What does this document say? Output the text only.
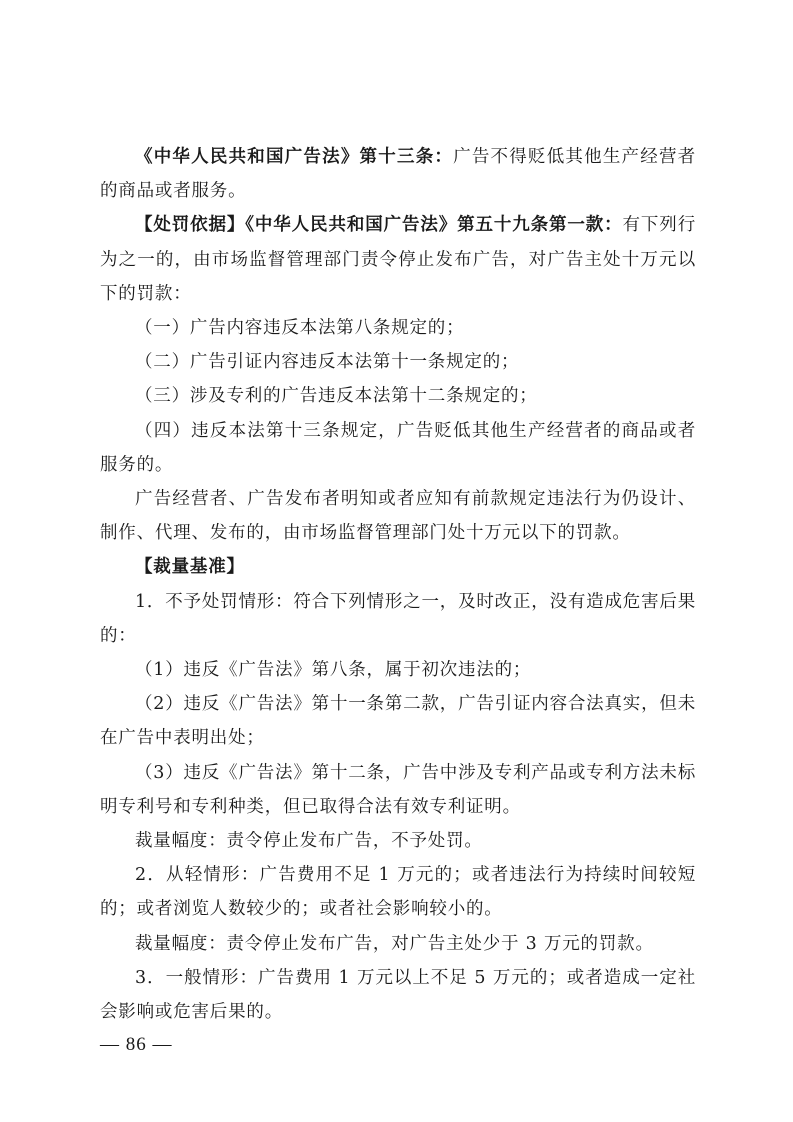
《中华人民共和国广告法》第十三条：广告不得贬低其他生产经营者的商品或者服务。

【处罚依据】《中华人民共和国广告法》第五十九条第一款：有下列行为之一的，由市场监督管理部门责令停止发布广告，对广告主处十万元以下的罚款：

（一）广告内容违反本法第八条规定的；

（二）广告引证内容违反本法第十一条规定的；

（三）涉及专利的广告违反本法第十二条规定的；

（四）违反本法第十三条规定，广告贬低其他生产经营者的商品或者服务的。

广告经营者、广告发布者明知或者应知有前款规定违法行为仍设计、制作、代理、发布的，由市场监督管理部门处十万元以下的罚款。

【裁量基准】

1．不予处罚情形：符合下列情形之一，及时改正，没有造成危害后果的：

（1）违反《广告法》第八条，属于初次违法的；

（2）违反《广告法》第十一条第二款，广告引证内容合法真实，但未在广告中表明出处；

（3）违反《广告法》第十二条，广告中涉及专利产品或专利方法未标明专利号和专利种类，但已取得合法有效专利证明。

裁量幅度：责令停止发布广告，不予处罚。

2．从轻情形：广告费用不足 1 万元的；或者违法行为持续时间较短的；或者浏览人数较少的；或者社会影响较小的。

裁量幅度：责令停止发布广告，对广告主处少于 3 万元的罚款。

3．一般情形：广告费用 1 万元以上不足 5 万元的；或者造成一定社会影响或危害后果的。

— 86 —
